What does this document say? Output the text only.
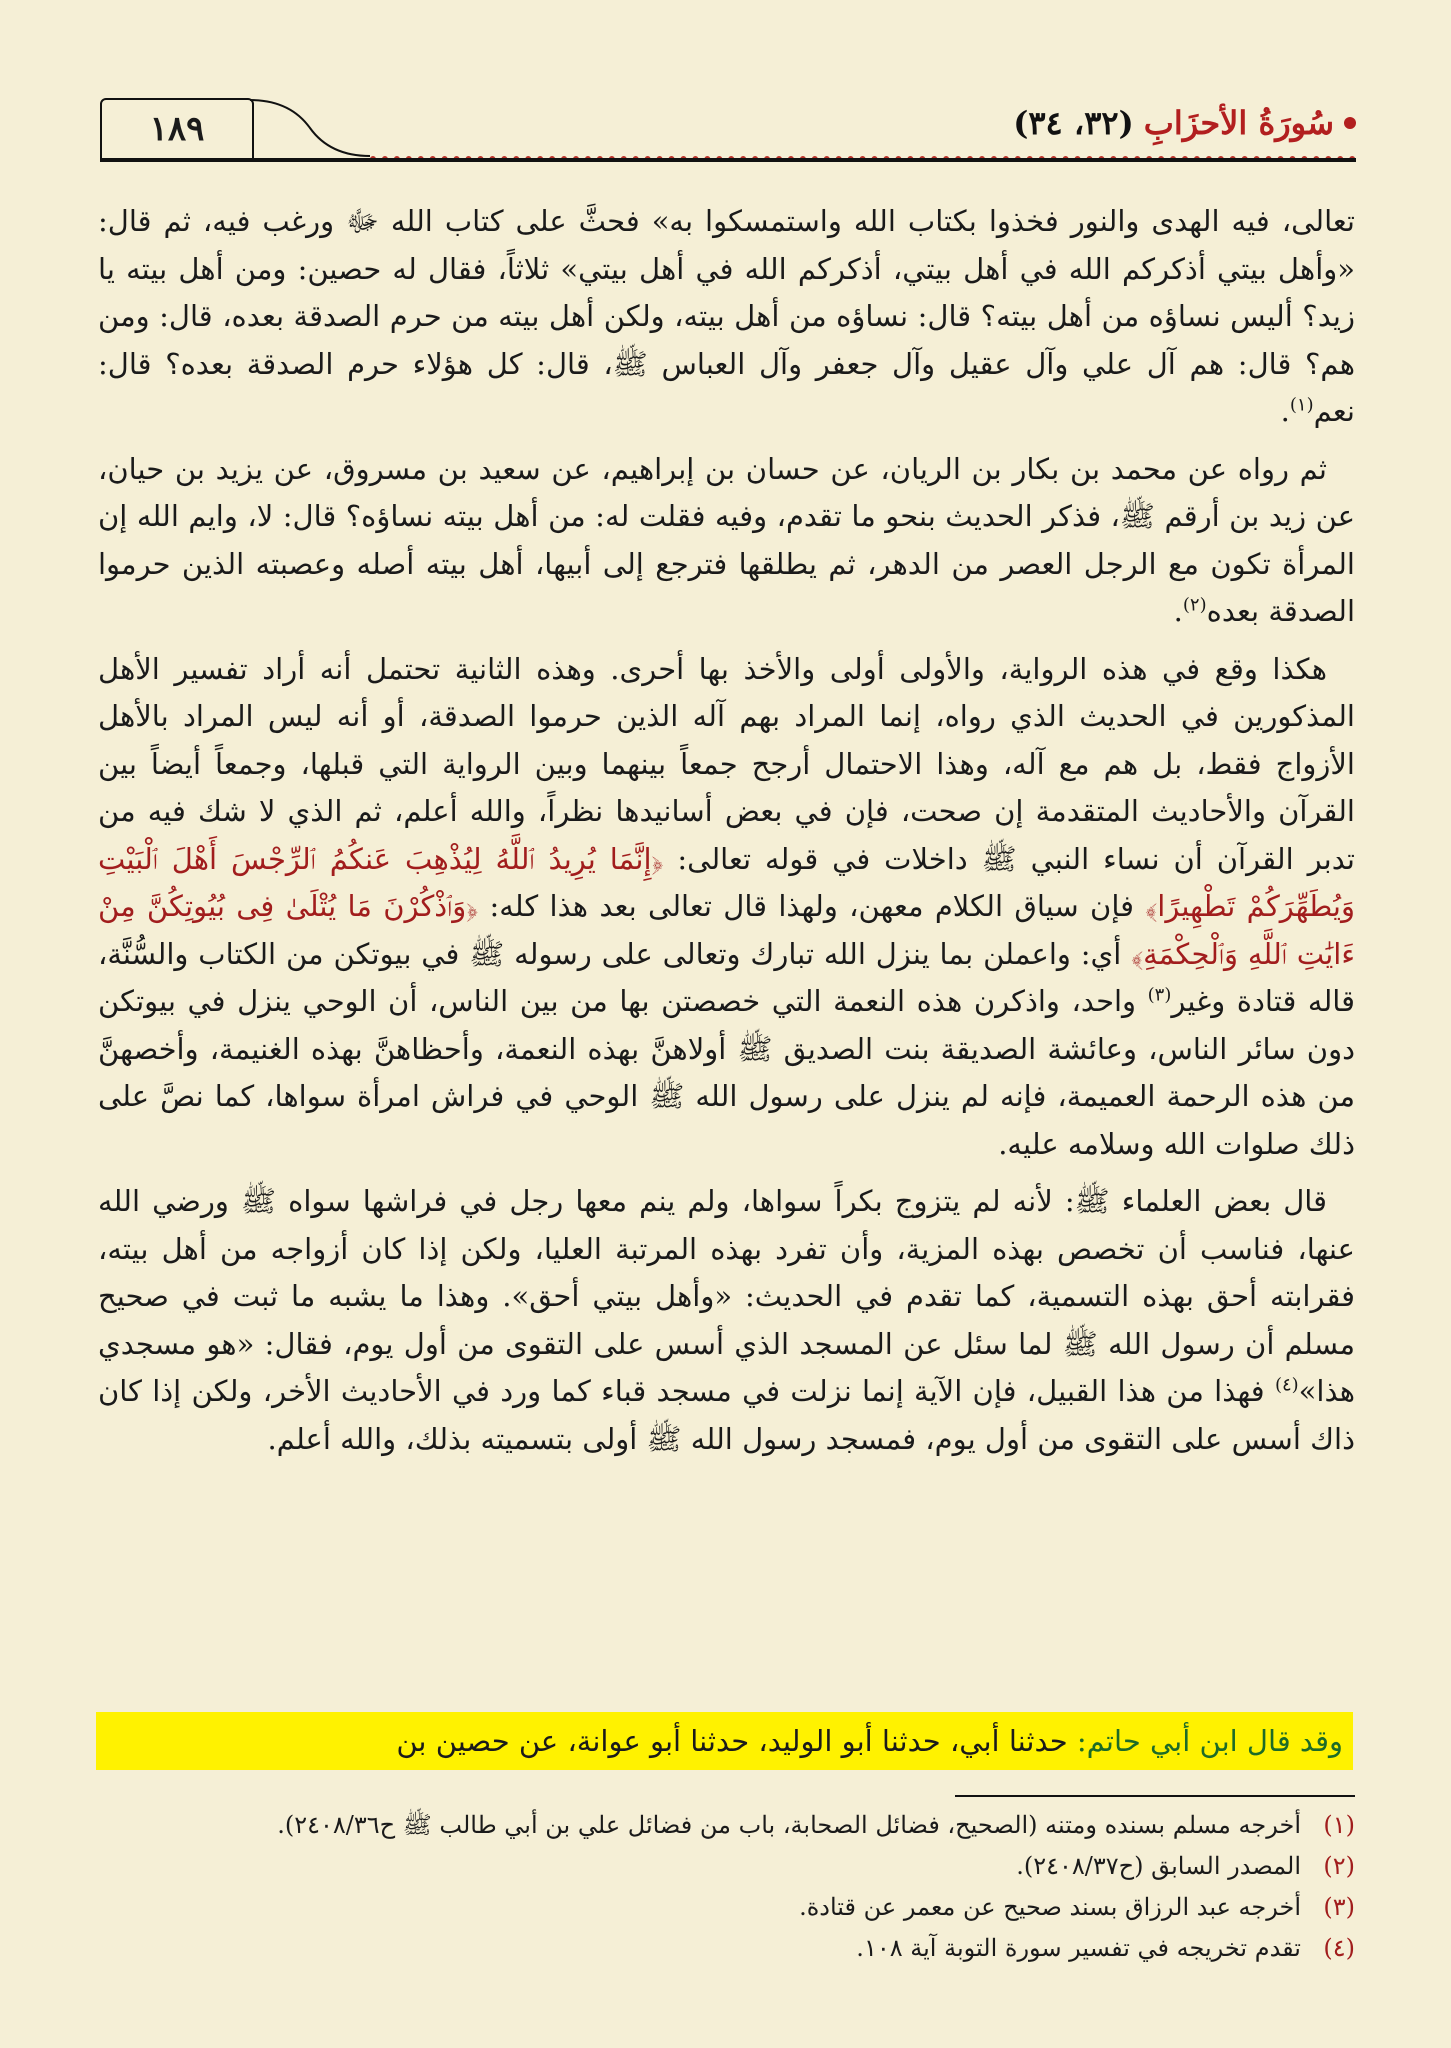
١٨٩	سُورَةُ الأحزَابِ
(٣٢، ٣٤)

تعالى، فيه الهدى والنور فخذوا بكتاب الله واستمسكوا به» فحثَّ على كتاب الله ﷻ ورغب فيه، ثم قال: «وأهل بيتي أذكركم الله في أهل بيتي، أذكركم الله في أهل بيتي» ثلاثاً، فقال له حصين: ومن أهل بيته يا زيد؟ أليس نساؤه من أهل بيته؟ قال: نساؤه من أهل بيته، ولكن أهل بيته من حرم الصدقة بعده، قال: ومن هم؟ قال: هم آل علي وآل عقيل وآل جعفر وآل العباس ﷺ، قال: كل هؤلاء حرم الصدقة بعده؟ قال: نعم$^{(١)}$.

ثم رواه عن محمد بن بكار بن الريان، عن حسان بن إبراهيم، عن سعيد بن مسروق، عن يزيد بن حيان، عن زيد بن أرقم ﷺ، فذكر الحديث بنحو ما تقدم، وفيه فقلت له: من أهل بيته نساؤه؟ قال: لا، وايم الله إن المرأة تكون مع الرجل العصر من الدهر، ثم يطلقها فترجع إلى أبيها، أهل بيته أصله وعصبته الذين حرموا الصدقة بعده$^{(٢)}$.

هكذا وقع في هذه الرواية، والأولى أولى والأخذ بها أحرى. وهذه الثانية تحتمل أنه أراد تفسير الأهل المذكورين في الحديث الذي رواه، إنما المراد بهم آله الذين حرموا الصدقة، أو أنه ليس المراد بالأهل الأزواج فقط، بل هم مع آله، وهذا الاحتمال أرجح جمعاً بينهما وبين الرواية التي قبلها، وجمعاً أيضاً بين القرآن والأحاديث المتقدمة إن صحت، فإن في بعض أسانيدها نظراً، والله أعلم، ثم الذي لا شك فيه من تدبر القرآن أن نساء النبي ﷺ داخلات في قوله تعالى: ﴿إِنَّمَا يُرِيدُ ٱللَّهُ لِيُذْهِبَ عَنكُمُ ٱلرِّجْسَ أَهْلَ ٱلْبَيْتِ وَيُطَهِّرَكُمْ تَطْهِيرًا﴾ فإن سياق الكلام معهن، ولهذا قال تعالى بعد هذا كله: ﴿وَٱذْكُرْنَ مَا يُتْلَىٰ فِى بُيُوتِكُنَّ مِنْ ءَايَٰتِ ٱللَّهِ وَٱلْحِكْمَةِ﴾ أي: واعملن بما ينزل الله تبارك وتعالى على رسوله ﷺ في بيوتكن من الكتاب والسُّنَّة، قاله قتادة وغير$^{(٣)}$ واحد، واذكرن هذه النعمة التي خصصتن بها من بين الناس، أن الوحي ينزل في بيوتكن دون سائر الناس، وعائشة الصديقة بنت الصديق ﷺ أولاهنَّ بهذه النعمة، وأحظاهنَّ بهذه الغنيمة، وأخصهنَّ من هذه الرحمة العميمة، فإنه لم ينزل على رسول الله ﷺ الوحي في فراش امرأة سواها، كما نصَّ على ذلك صلوات الله وسلامه عليه.

قال بعض العلماء ﷺ: لأنه لم يتزوج بكراً سواها، ولم ينم معها رجل في فراشها سواه ﷺ ورضي الله عنها، فناسب أن تخصص بهذه المزية، وأن تفرد بهذه المرتبة العليا، ولكن إذا كان أزواجه من أهل بيته، فقرابته أحق بهذه التسمية، كما تقدم في الحديث: «وأهل بيتي أحق». وهذا ما يشبه ما ثبت في صحيح مسلم أن رسول الله ﷺ لما سئل عن المسجد الذي أسس على التقوى من أول يوم، فقال: «هو مسجدي هذا»$^{(٤)}$ فهذا من هذا القبيل، فإن الآية إنما نزلت في مسجد قباء كما ورد في الأحاديث الأخر، ولكن إذا كان ذاك أسس على التقوى من أول يوم، فمسجد رسول الله ﷺ أولى بتسميته بذلك، والله أعلم.

وقد قال ابن أبي حاتم: حدثنا أبي، حدثنا أبو الوليد، حدثنا أبو عوانة، عن حصين بن
(١)
أخرجه مسلم بسنده ومتنه (الصحيح، فضائل الصحابة، باب من فضائل علي بن أبي طالب ﷺ ح٢٤٠٨/٣٦).
(٢)
المصدر السابق (ح٢٤٠٨/٣٧).
(٣)
أخرجه عبد الرزاق بسند صحيح عن معمر عن قتادة.
(٤)
تقدم تخريجه في تفسير سورة التوبة آية ١٠٨.
